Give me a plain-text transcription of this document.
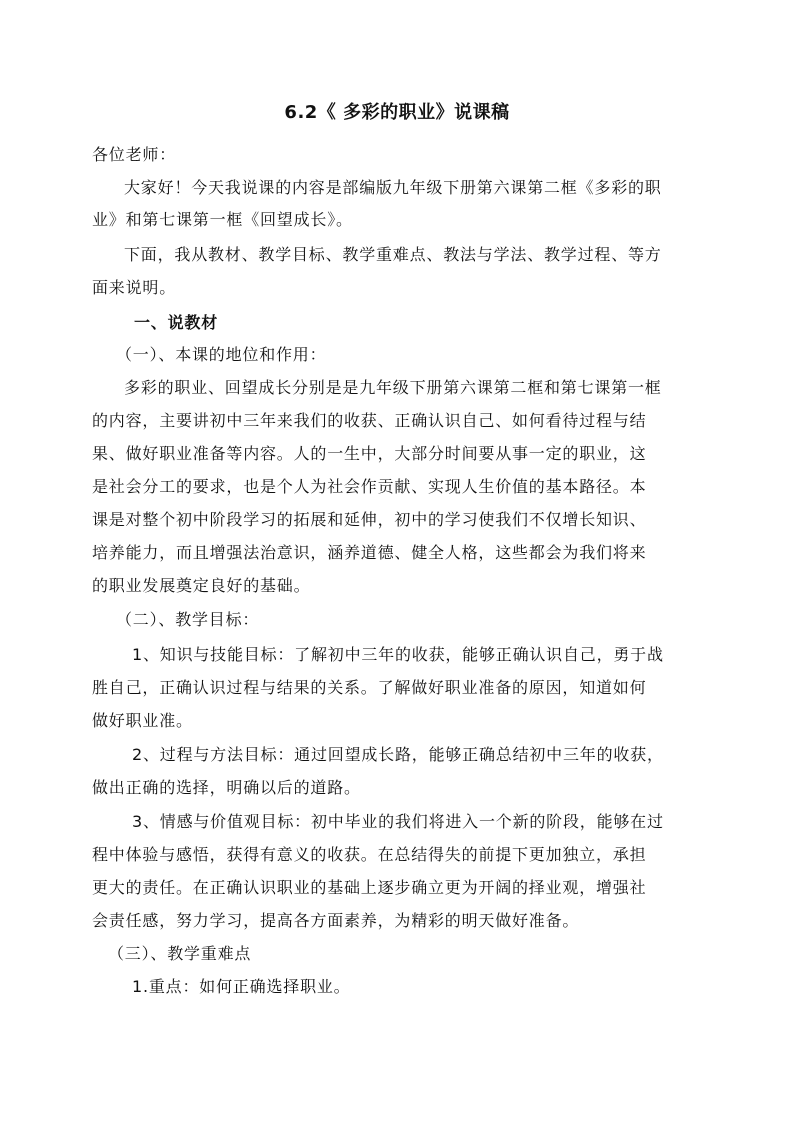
6.2《 多彩的职业》说课稿
各位老师：
大家好！今天我说课的内容是部编版九年级下册第六课第二框《多彩的职
业》和第七课第一框《回望成长》。
下面，我从教材、教学目标、教学重难点、教法与学法、教学过程、等方
面来说明。
一、说教材
（一）、本课的地位和作用：
多彩的职业、回望成长分别是是九年级下册第六课第二框和第七课第一框
的内容，主要讲初中三年来我们的收获、正确认识自己、如何看待过程与结
果、做好职业准备等内容。人的一生中，大部分时间要从事一定的职业，这
是社会分工的要求，也是个人为社会作贡献、实现人生价值的基本路径。本
课是对整个初中阶段学习的拓展和延伸，初中的学习使我们不仅增长知识、
培养能力，而且增强法治意识，涵养道德、健全人格，这些都会为我们将来
的职业发展奠定良好的基础。
（二）、教学目标：
1、知识与技能目标：了解初中三年的收获，能够正确认识自己，勇于战
胜自己，正确认识过程与结果的关系。了解做好职业准备的原因，知道如何
做好职业准。
2、过程与方法目标：通过回望成长路，能够正确总结初中三年的收获，
做出正确的选择，明确以后的道路。
3、情感与价值观目标：初中毕业的我们将进入一个新的阶段，能够在过
程中体验与感悟，获得有意义的收获。在总结得失的前提下更加独立，承担
更大的责任。在正确认识职业的基础上逐步确立更为开阔的择业观，增强社
会责任感，努力学习，提高各方面素养，为精彩的明天做好准备。
（三）、教学重难点
1.重点：如何正确选择职业。
